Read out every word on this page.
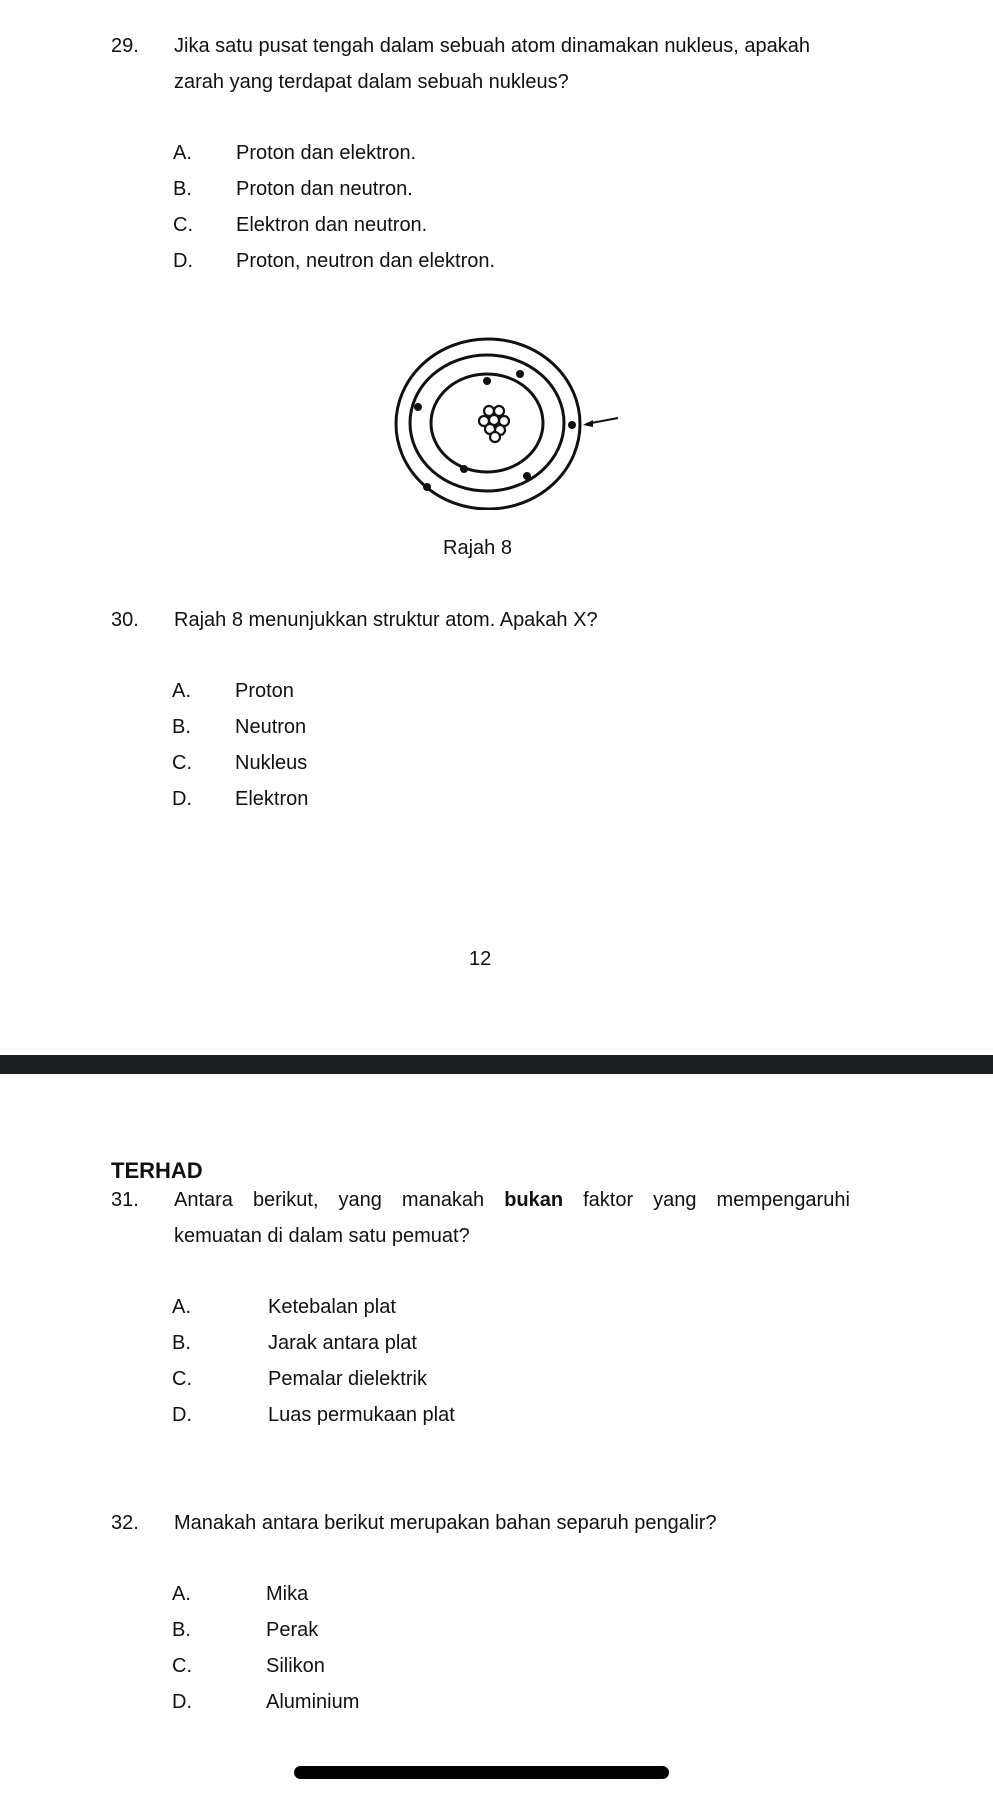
29. Jika satu pusat tengah dalam sebuah atom dinamakan nukleus, apakah
zarah yang terdapat dalam sebuah nukleus?
A. Proton dan elektron.
B. Proton dan neutron.
C. Elektron dan neutron.
D. Proton, neutron dan elektron.
Rajah 8
30. Rajah 8 menunjukkan struktur atom. Apakah X?
A. Proton
B. Neutron
C. Nukleus
D. Elektron
12
TERHAD
31. Antara berikut, yang manakah bukan faktor yang mempengaruhi
kemuatan di dalam satu pemuat?
A.	Ketebalan plat
B.	Jarak antara plat
C.	Pemalar dielektrik
D.	Luas permukaan plat
32. Manakah antara berikut merupakan bahan separuh pengalir?
A.	Mika
B.	Perak
C.	Silikon
D.	Aluminium
